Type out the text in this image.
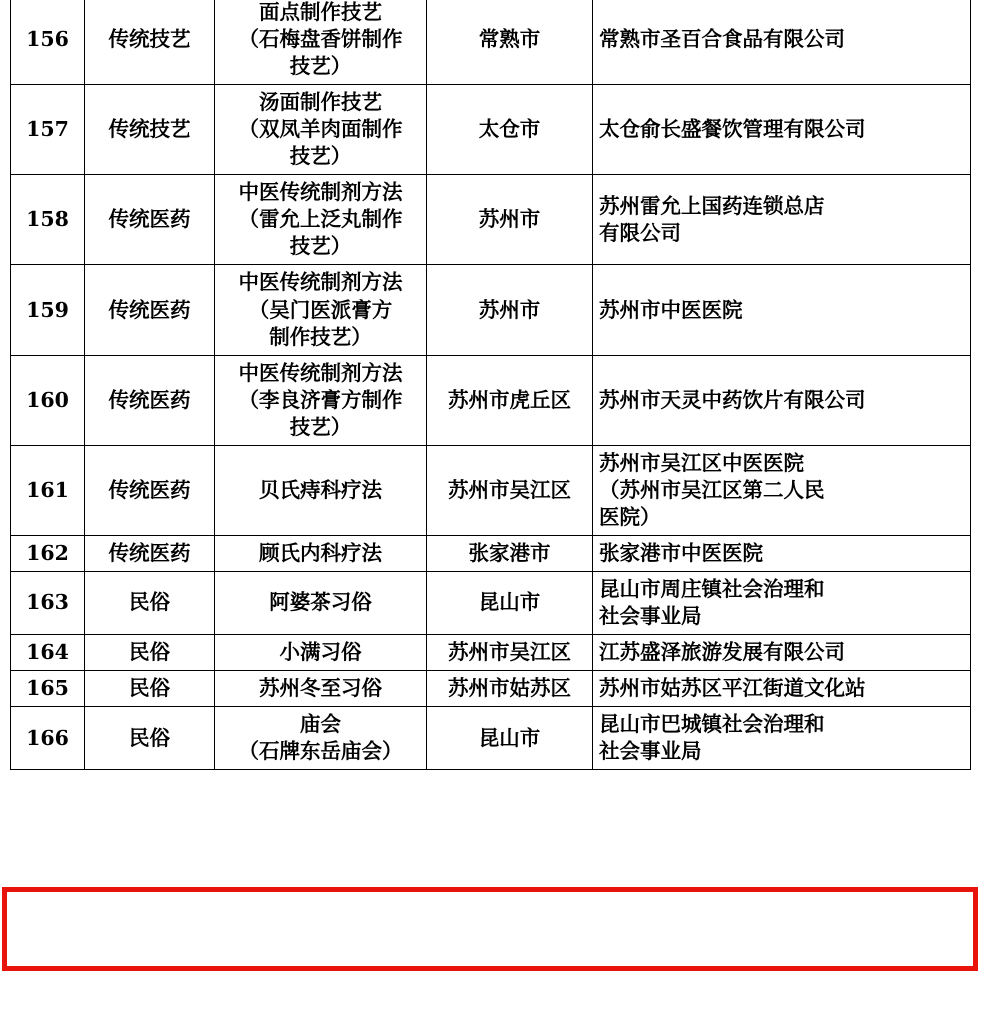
156	传统技艺	面点制作技艺
（石梅盘香饼制作
技艺）	常熟市	常熟市圣百合食品有限公司

157	传统技艺	汤面制作技艺
（双凤羊肉面制作
技艺）	太仓市	太仓俞长盛餐饮管理有限公司

158	传统医药	中医传统制剂方法
（雷允上泛丸制作
技艺）	苏州市	苏州雷允上国药连锁总店
有限公司

159	传统医药	中医传统制剂方法
（吴门医派膏方
制作技艺）	苏州市	苏州市中医医院

160	传统医药	中医传统制剂方法
（李良济膏方制作
技艺）	苏州市虎丘区	苏州市天灵中药饮片有限公司

161	传统医药	贝氏痔科疗法	苏州市吴江区	苏州市吴江区中医医院
（苏州市吴江区第二人民
医院）

162	传统医药	顾氏内科疗法	张家港市	张家港市中医医院

163	民俗	阿婆茶习俗	昆山市	昆山市周庄镇社会治理和
社会事业局

164	民俗	小满习俗	苏州市吴江区	江苏盛泽旅游发展有限公司

165	民俗	苏州冬至习俗	苏州市姑苏区	苏州市姑苏区平江街道文化站

166	民俗	庙会
（石牌东岳庙会）	昆山市	昆山市巴城镇社会治理和
社会事业局
